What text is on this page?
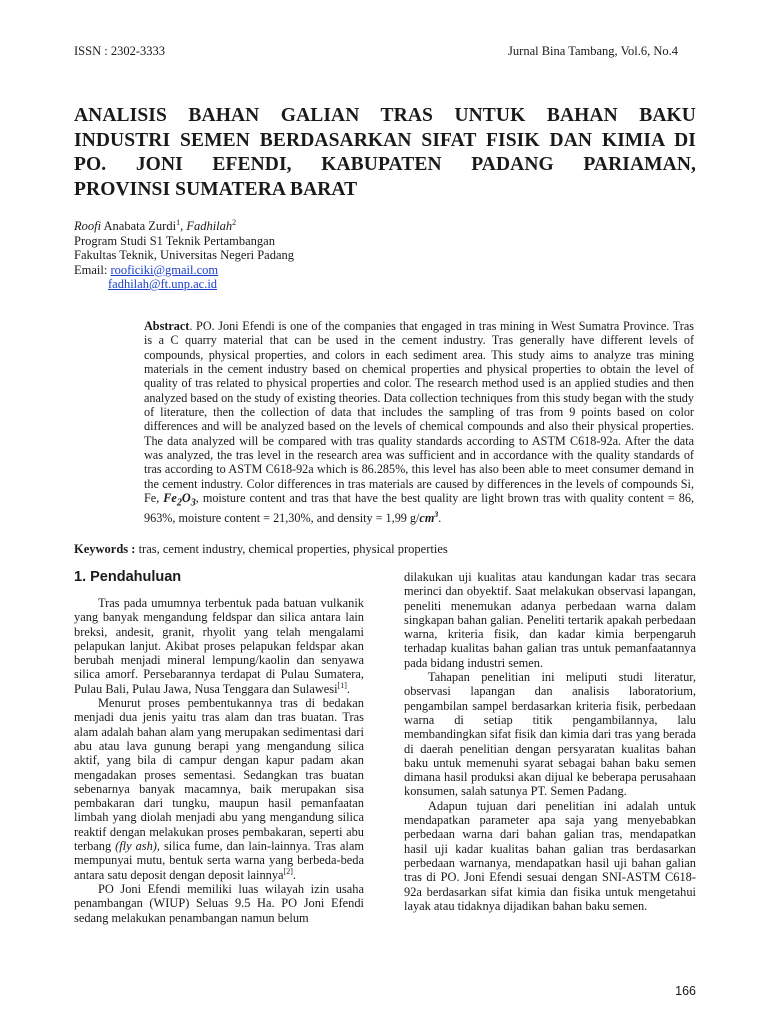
ISSN : 2302-3333	Jurnal Bina Tambang, Vol.6, No.4
ANALISIS BAHAN GALIAN TRAS UNTUK BAHAN BAKU
INDUSTRI SEMEN BERDASARKAN SIFAT FISIK DAN KIMIA DI
PO. JONI EFENDI, KABUPATEN PADANG PARIAMAN,
PROVINSI SUMATERA BARAT
Roofi Anabata Zurdi$^1$, Fadhilah$^2$
Program Studi S1 Teknik Pertambangan
Fakultas Teknik, Universitas Negeri Padang
Email: rooficiki@gmail.com
fadhilah@ft.unp.ac.id
Abstract. PO. Joni Efendi is one of the companies that engaged in tras mining in West Sumatra Province. Tras is a C quarry material that can be used in the cement industry. Tras generally have different levels of compounds, physical properties, and colors in each sediment area. This study aims to analyze tras mining materials in the cement industry based on chemical properties and physical properties to obtain the level of quality of tras related to physical properties and color. The research method used is an applied studies and then analyzed based on the study of existing theories. Data collection techniques from this study began with the study of literature, then the collection of data that includes the sampling of tras from 9 points based on color differences and will be analyzed based on the levels of chemical compounds and also their physical properties. The data analyzed will be compared with tras quality standards according to ASTM C618-92a. After the data was analyzed, the tras level in the research area was sufficient and in accordance with the quality standards of tras according to ASTM C618-92a which is 86.285%, this level has also been able to meet consumer demand in the cement industry. Color differences in tras materials are caused by differences in the levels of compounds Si, Fe, $Fe_2O_3$, moisture content and tras that have the best quality are light brown tras with quality content = 86, 963%, moisture content = 21,30%, and density = 1,99 $g/cm^3$.
Keywords : tras, cement industry, chemical properties, physical properties
1. Pendahuluan

Tras pada umumnya terbentuk pada batuan vulkanik yang banyak mengandung feldspar dan silica antara lain breksi, andesit, granit, rhyolit yang telah mengalami pelapukan lanjut. Akibat proses pelapukan feldspar akan berubah menjadi mineral lempung/kaolin dan senyawa silica amorf. Persebarannya terdapat di Pulau Sumatera, Pulau Bali, Pulau Jawa, Nusa Tenggara dan Sulawesi[1].

Menurut proses pembentukannya tras di bedakan menjadi dua jenis yaitu tras alam dan tras buatan. Tras alam adalah bahan alam yang merupakan sedimentasi dari abu atau lava gunung berapi yang mengandung silica aktif, yang bila di campur dengan kapur padam akan mengadakan proses sementasi. Sedangkan tras buatan sebenarnya banyak macamnya, baik merupakan sisa pembakaran dari tungku, maupun hasil pemanfaatan limbah yang diolah menjadi abu yang mengandung silica reaktif dengan melakukan proses pembakaran, seperti abu terbang (fly ash), silica fume, dan lain-lainnya. Tras alam mempunyai mutu, bentuk serta warna yang berbeda-beda antara satu deposit dengan deposit lainnya[2].

PO Joni Efendi memiliki luas wilayah izin usaha penambangan (WIUP) Seluas 9.5 Ha. PO Joni Efendi sedang melakukan penambangan namun belum

dilakukan uji kualitas atau kandungan kadar tras secara merinci dan obyektif. Saat melakukan observasi lapangan, peneliti menemukan adanya perbedaan warna dalam singkapan bahan galian. Peneliti tertarik apakah perbedaan warna, kriteria fisik, dan kadar kimia berpengaruh terhadap kualitas bahan galian tras untuk pemanfaatannya pada bidang industri semen.

Tahapan penelitian ini meliputi studi literatur, observasi lapangan dan analisis laboratorium, pengambilan sampel berdasarkan kriteria fisik, perbedaan warna di setiap titik pengambilannya, lalu membandingkan sifat fisik dan kimia dari tras yang berada di daerah penelitian dengan persyaratan kualitas bahan baku untuk memenuhi syarat sebagai bahan baku semen dimana hasil produksi akan dijual ke beberapa perusahaan konsumen, salah satunya PT. Semen Padang.

Adapun tujuan dari penelitian ini adalah untuk mendapatkan parameter apa saja yang menyebabkan perbedaan warna dari bahan galian tras, mendapatkan hasil uji kadar kualitas bahan galian tras berdasarkan perbedaan warnanya, mendapatkan hasil uji bahan galian tras di PO. Joni Efendi sesuai dengan SNI-ASTM C618-92a berdasarkan sifat kimia dan fisika untuk mengetahui layak atau tidaknya dijadikan bahan baku semen.

166
